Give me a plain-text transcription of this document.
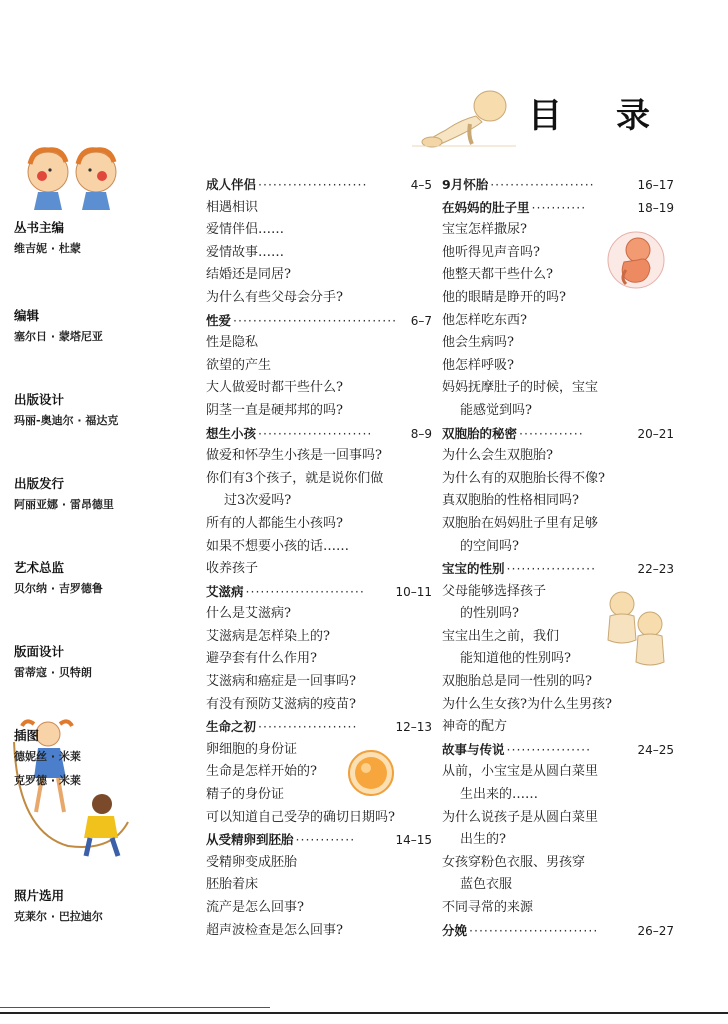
目 录

丛书主编

维吉妮 · 杜蒙

编辑

塞尔日 · 蒙塔尼亚

出版设计

玛丽-奥迪尔 · 福达克

出版发行

阿丽亚娜 · 雷昂德里

艺术总监

贝尔纳 · 吉罗德鲁

版面设计

雷蒂寇 · 贝特朗

插图

德妮丝 · 米莱

克罗德 · 米莱

照片选用

克莱尔 · 巴拉迪尔

成人伴侣 ······················	4–5
相遇相识
爱情伴侣……
爱情故事……
结婚还是同居?
为什么有些父母会分手?
性爱 ·································	6–7
性是隐私
欲望的产生
大人做爱时都干些什么?
阴茎一直是硬邦邦的吗?
想生小孩 ·······················	8–9
做爱和怀孕生小孩是一回事吗?
你们有3个孩子，就是说你们做
过3次爱吗?
所有的人都能生小孩吗?
如果不想要小孩的话……
收养孩子
艾滋病 ························	10–11
什么是艾滋病?
艾滋病是怎样染上的?
避孕套有什么作用?
艾滋病和癌症是一回事吗?
有没有预防艾滋病的疫苗?
生命之初 ····················	12–13
卵细胞的身份证
生命是怎样开始的?
精子的身份证
可以知道自己受孕的确切日期吗?
从受精卵到胚胎 ············	14–15
受精卵变成胚胎
胚胎着床
流产是怎么回事?
超声波检查是怎么回事?
9月怀胎 ·····················	16–17
在妈妈的肚子里 ···········	18–19
宝宝怎样撒尿?
他听得见声音吗?
他整天都干些什么?
他的眼睛是睁开的吗?
他怎样吃东西?
他会生病吗?
他怎样呼吸?
妈妈抚摩肚子的时候，宝宝
能感觉到吗?
双胞胎的秘密 ·············	20–21
为什么会生双胞胎?
为什么有的双胞胎长得不像?
真双胞胎的性格相同吗?
双胞胎在妈妈肚子里有足够
的空间吗?
宝宝的性别 ··················	22–23
父母能够选择孩子
的性别吗?
宝宝出生之前，我们
能知道他的性别吗?
双胞胎总是同一性别的吗?
为什么生女孩?为什么生男孩?
神奇的配方
故事与传说 ·················	24–25
从前，小宝宝是从圆白菜里
生出来的……
为什么说孩子是从圆白菜里
出生的?
女孩穿粉色衣服、男孩穿
蓝色衣服
不同寻常的来源
分娩 ··························	26–27
